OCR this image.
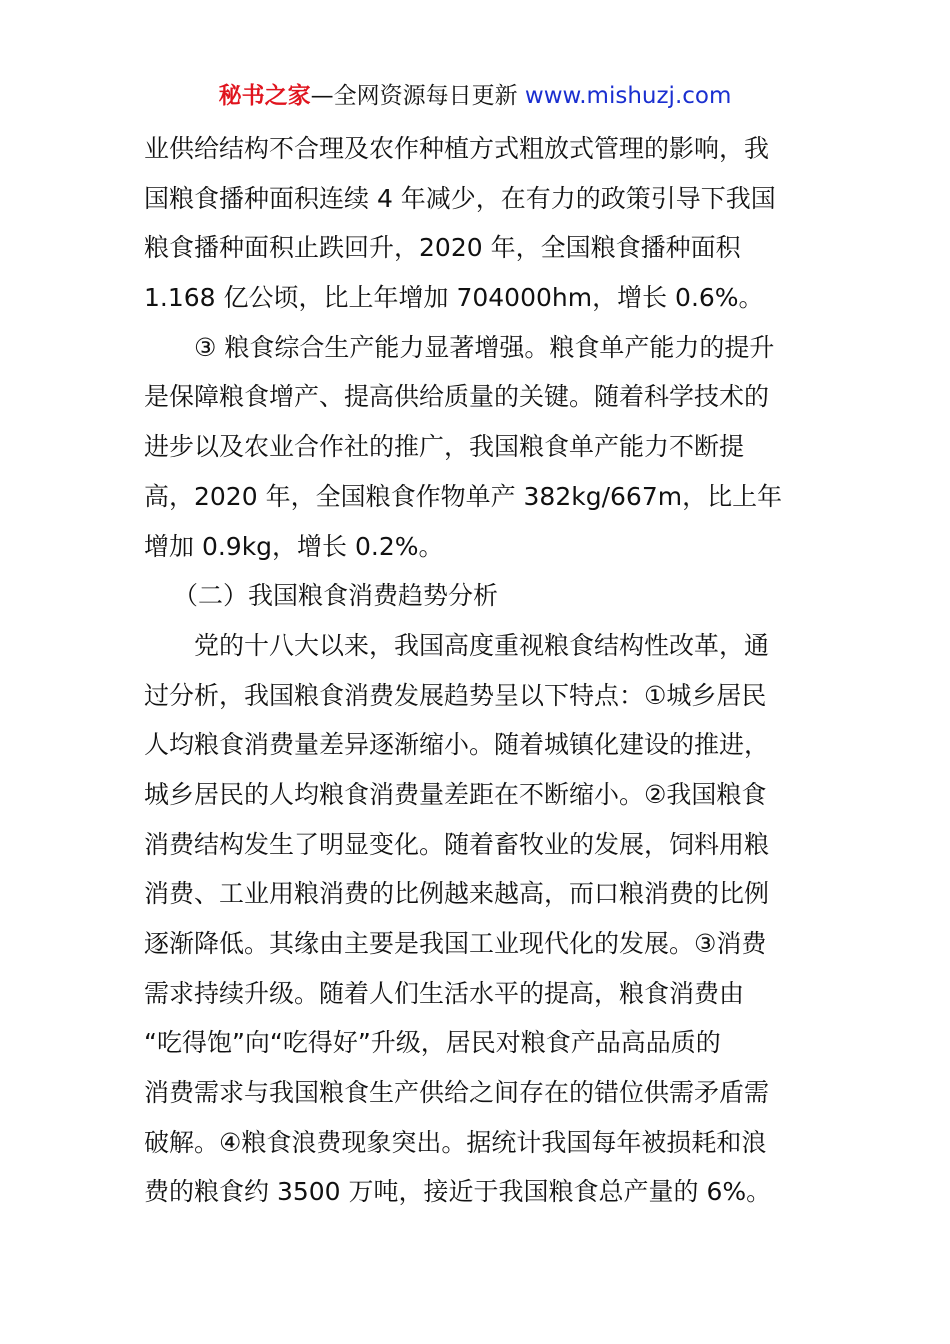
秘书之家—全网资源每日更新 www.mishuzj.com
业供给结构不合理及农作种植方式粗放式管理的影响，我
国粮食播种面积连续 4 年减少，在有力的政策引导下我国
粮食播种面积止跌回升，2020 年，全国粮食播种面积
1.168 亿公顷，比上年增加 704000hm，增长 0.6%。
③ 粮食综合生产能力显著增强。粮食单产能力的提升
是保障粮食增产、提高供给质量的关键。随着科学技术的
进步以及农业合作社的推广，我国粮食单产能力不断提
高，2020 年，全国粮食作物单产 382kg/667m，比上年
增加 0.9kg，增长 0.2%。
（二）我国粮食消费趋势分析
党的十八大以来，我国高度重视粮食结构性改革，通
过分析，我国粮食消费发展趋势呈以下特点：①城乡居民
人均粮食消费量差异逐渐缩小。随着城镇化建设的推进，
城乡居民的人均粮食消费量差距在不断缩小。②我国粮食
消费结构发生了明显变化。随着畜牧业的发展，饲料用粮
消费、工业用粮消费的比例越来越高，而口粮消费的比例
逐渐降低。其缘由主要是我国工业现代化的发展。③消费
需求持续升级。随着人们生活水平的提高，粮食消费由
“吃得饱”向“吃得好”升级，居民对粮食产品高品质的
消费需求与我国粮食生产供给之间存在的错位供需矛盾需
破解。④粮食浪费现象突出。据统计我国每年被损耗和浪
费的粮食约 3500 万吨，接近于我国粮食总产量的 6%。
